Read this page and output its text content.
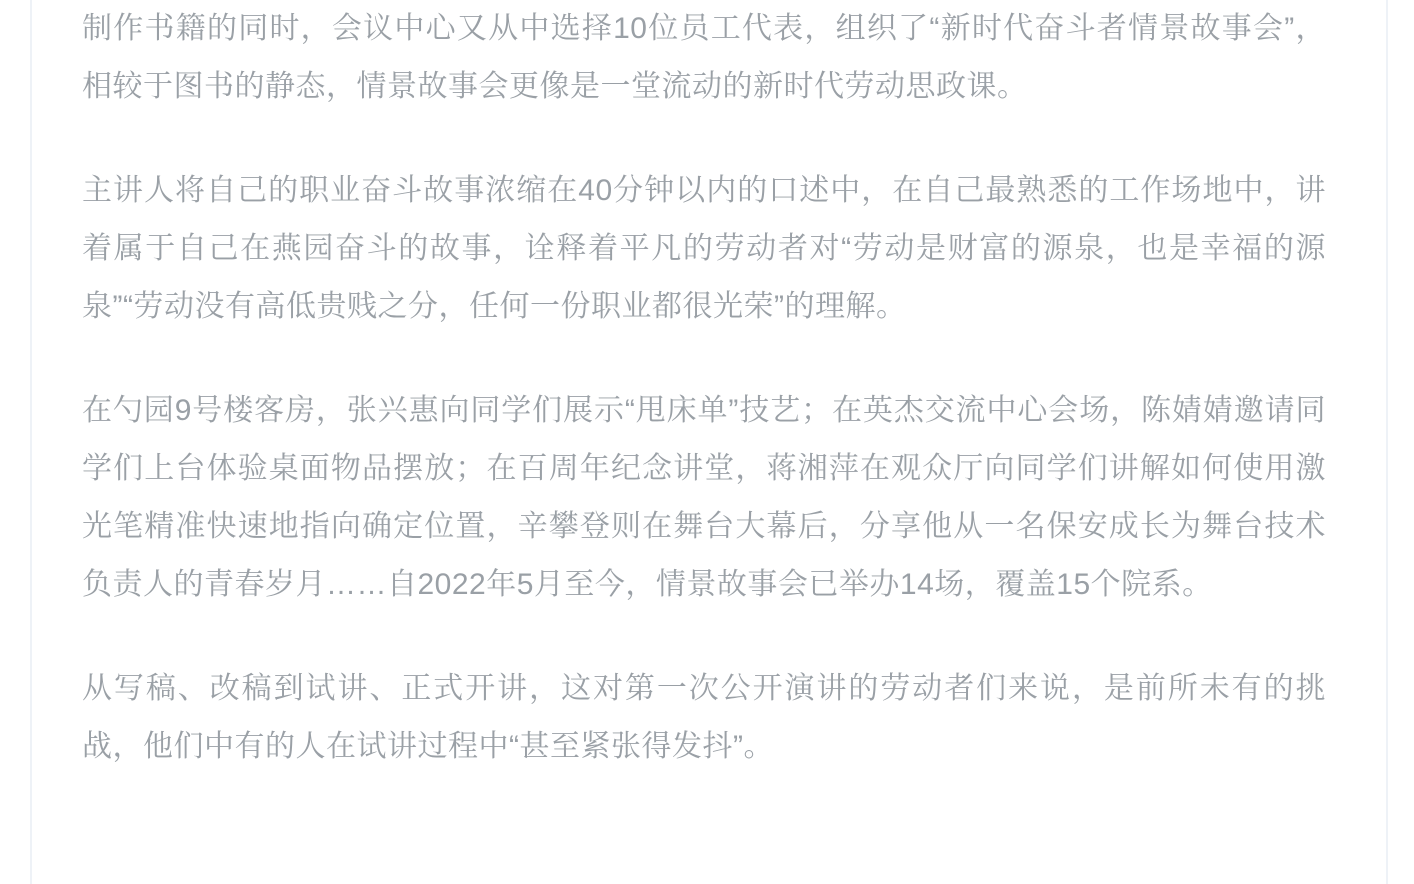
制作书籍的同时，会议中心又从中选择10位员工代表，组织了“新时代奋斗者情景故事会”，相较于图书的静态，情景故事会更像是一堂流动的新时代劳动思政课。

主讲人将自己的职业奋斗故事浓缩在40分钟以内的口述中，在自己最熟悉的工作场地中，讲着属于自己在燕园奋斗的故事，诠释着平凡的劳动者对“劳动是财富的源泉，也是幸福的源泉”“劳动没有高低贵贱之分，任何一份职业都很光荣”的理解。

在勺园9号楼客房，张兴惠向同学们展示“甩床单”技艺；在英杰交流中心会场，陈婧婧邀请同学们上台体验桌面物品摆放；在百周年纪念讲堂，蒋湘萍在观众厅向同学们讲解如何使用激光笔精准快速地指向确定位置，辛攀登则在舞台大幕后，分享他从一名保安成长为舞台技术负责人的青春岁月……自2022年5月至今，情景故事会已举办14场，覆盖15个院系。

从写稿、改稿到试讲、正式开讲，这对第一次公开演讲的劳动者们来说，是前所未有的挑战，他们中有的人在试讲过程中“甚至紧张得发抖”。
